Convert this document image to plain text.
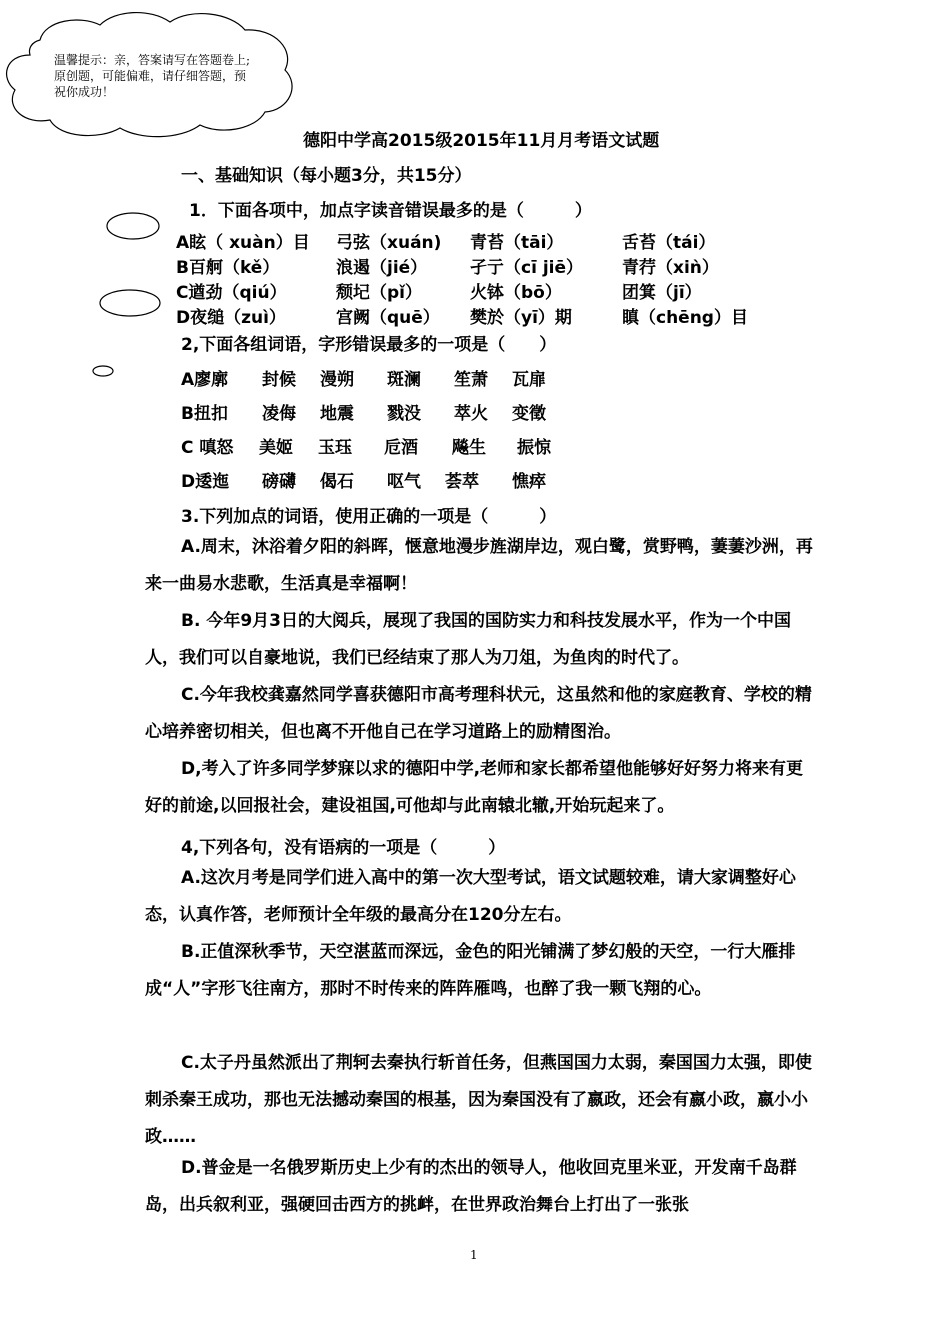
温馨提示：亲，答案请写在答题卷上;原创题，可能偏难，请仔细答题，预祝你成功！
德阳中学高2015级2015年11月月考语文试题
一、基础知识（每小题3分，共15分）
1．下面各项中，加点字读音错误最多的是（　　　）
A眩（ xuàn）目 弓弦（xuán) 青苔（tāi）	舌苔（tái）
B百舸（kě）	浪遏（jié）	孑亍（cī jiē） 青荇（xiǹ）
C遒劲（qiú）	颓圮（pǐ）	火钵（bō）	团箕（jī）
D夜缒（zuì）	宫阙（quē） 樊於（yī）期	瞋（chēng）目
2,下面各组词语，字形错误最多的一项是（　　）
A廖廓 封候 漫朔 斑澜 笙萧 瓦扉
B扭扣 凌侮 地震 戮没 萃火 变徵
C 嗔怒 美姬 玉珏 卮酒 飚生 振惊
D逶迤 磅礴 偈石 呕气 荟萃 憔瘁
3.下列加点的词语，使用正确的一项是（　　　）
A.周末，沐浴着夕阳的斜晖，惬意地漫步旌湖岸边，观白鹭，赏野鸭，萋萋沙洲，再来一曲易水悲歌，生活真是幸福啊！
B. 今年9月3日的大阅兵，展现了我国的国防实力和科技发展水平，作为一个中国人，我们可以自豪地说，我们已经结束了那人为刀俎，为鱼肉的时代了。
C.今年我校龚嘉然同学喜获德阳市高考理科状元，这虽然和他的家庭教育、学校的精心培养密切相关，但也离不开他自己在学习道路上的励精图治。
D,考入了许多同学梦寐以求的德阳中学,老师和家长都希望他能够好好努力将来有更好的前途,以回报社会，建设祖国,可他却与此南辕北辙,开始玩起来了。
4,下列各句，没有语病的一项是（　　　）
A.这次月考是同学们进入高中的第一次大型考试，语文试题较难，请大家调整好心态，认真作答，老师预计全年级的最高分在120分左右。
B.正值深秋季节，天空湛蓝而深远，金色的阳光铺满了梦幻般的天空，一行大雁排成“人”字形飞往南方，那时不时传来的阵阵雁鸣，也醉了我一颗飞翔的心。
C.太子丹虽然派出了荆轲去秦执行斩首任务，但燕国国力太弱，秦国国力太强，即使刺杀秦王成功，那也无法撼动秦国的根基，因为秦国没有了嬴政，还会有嬴小政，嬴小小政……
D.普金是一名俄罗斯历史上少有的杰出的领导人，他收回克里米亚，开发南千岛群岛，出兵叙利亚，强硬回击西方的挑衅，在世界政治舞台上打出了一张张
1
